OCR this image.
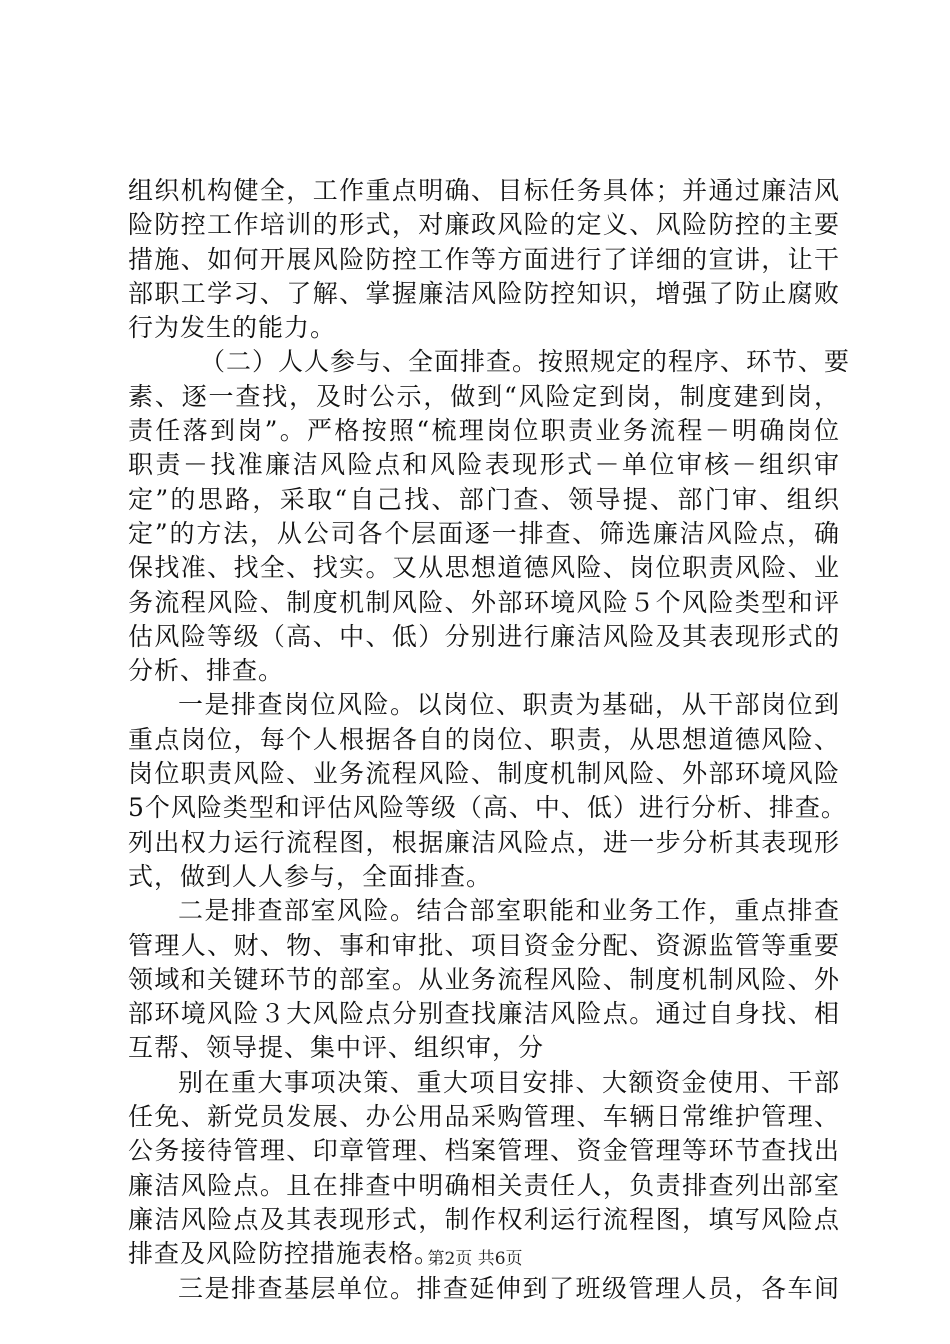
组织机构健全，工作重点明确、目标任务具体；并通过廉洁风
险防控工作培训的形式，对廉政风险的定义、风险防控的主要
措施、如何开展风险防控工作等方面进行了详细的宣讲，让干
部职工学习、了解、掌握廉洁风险防控知识，增强了防止腐败
行为发生的能力。
（二）人人参与、全面排查。按照规定的程序、环节、要
素、逐一查找，及时公示，做到“风险定到岗，制度建到岗，
责任落到岗”。严格按照“梳理岗位职责业务流程－明确岗位
职责－找准廉洁风险点和风险表现形式－单位审核－组织审
定”的思路，采取“自己找、部门查、领导提、部门审、组织
定”的方法，从公司各个层面逐一排查、筛选廉洁风险点，确
保找准、找全、找实。又从思想道德风险、岗位职责风险、业
务流程风险、制度机制风险、外部环境风险５个风险类型和评
估风险等级（高、中、低）分别进行廉洁风险及其表现形式的
分析、排查。
一是排查岗位风险。以岗位、职责为基础，从干部岗位到
重点岗位，每个人根据各自的岗位、职责，从思想道德风险、
岗位职责风险、业务流程风险、制度机制风险、外部环境风险
5个风险类型和评估风险等级（高、中、低）进行分析、排查。
列出权力运行流程图，根据廉洁风险点，进一步分析其表现形
式，做到人人参与，全面排查。
二是排查部室风险。结合部室职能和业务工作，重点排查
管理人、财、物、事和审批、项目资金分配、资源监管等重要
领域和关键环节的部室。从业务流程风险、制度机制风险、外
部环境风险３大风险点分别查找廉洁风险点。通过自身找、相
互帮、领导提、集中评、组织审，分
别在重大事项决策、重大项目安排、大额资金使用、干部
任免、新党员发展、办公用品采购管理、车辆日常维护管理、
公务接待管理、印章管理、档案管理、资金管理等环节查找出
廉洁风险点。且在排查中明确相关责任人，负责排查列出部室
廉洁风险点及其表现形式，制作权利运行流程图，填写风险点
排查及风险防控措施表格。
三是排查基层单位。排查延伸到了班级管理人员，各车间
第2页 共6页
